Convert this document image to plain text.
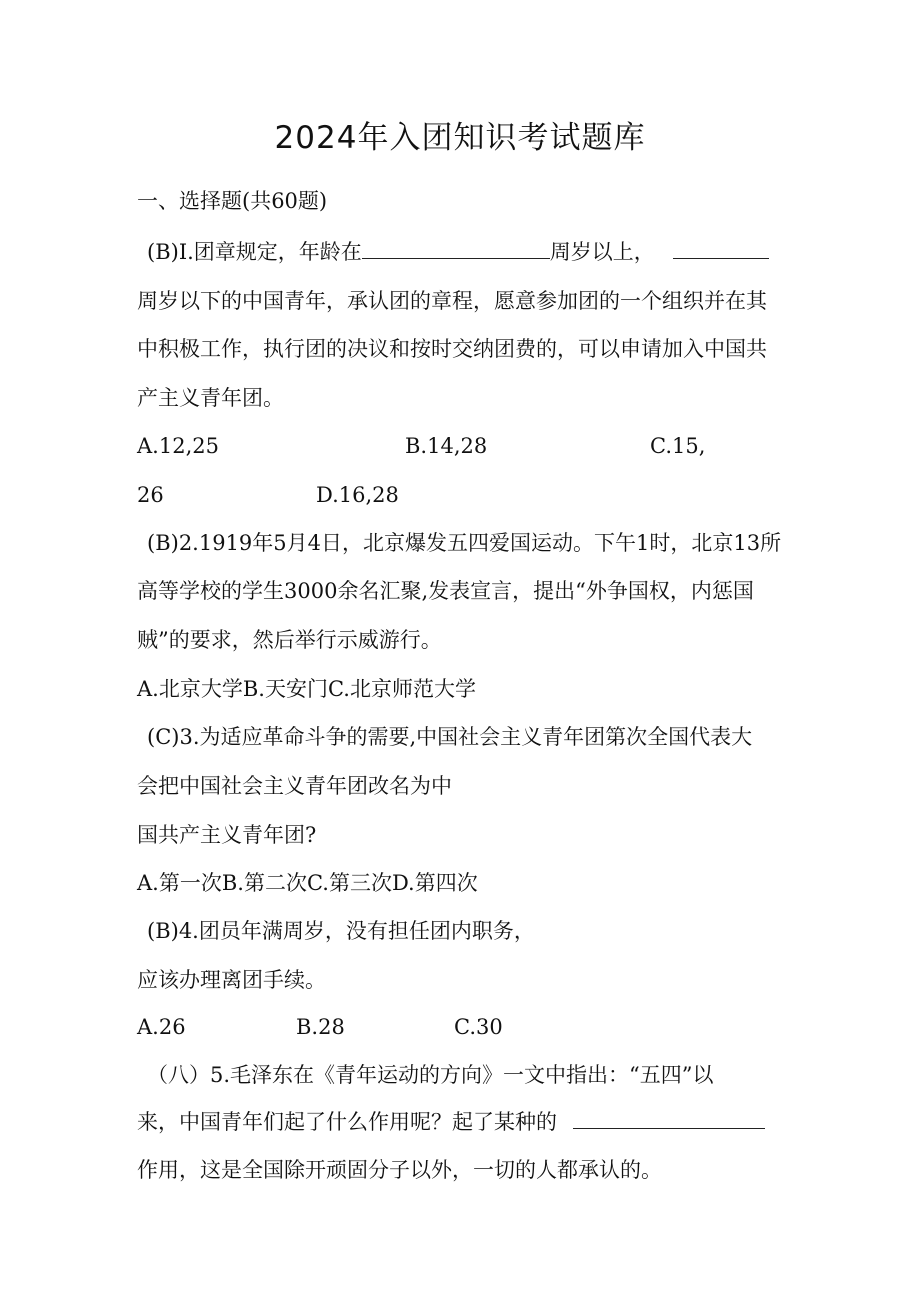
2024年入团知识考试题库
一、选择题(共60题)
(B)I.团章规定，年龄在	周岁以上，
周岁以下的中国青年，承认团的章程，愿意参加团的一个组织并在其
中积极工作，执行团的决议和按时交纳团费的，可以申请加入中国共
产主义青年团。
A.12,25	B.14,28	C.15,
26	D.16,28
(B)2.1919年5月4日，北京爆发五四爱国运动。下午1时，北京13所
高等学校的学生3000余名汇聚,发表宣言，提出“外争国权，内惩国
贼”的要求，然后举行示威游行。
A.北京大学B.天安门C.北京师范大学
(C)3.为适应革命斗争的需要,中国社会主义青年团第次全国代表大
会把中国社会主义青年团改名为中
国共产主义青年团?
A.第一次B.第二次C.第三次D.第四次
(B)4.团员年满周岁，没有担任团内职务，
应该办理离团手续。
A.26	B.28	C.30
（八）5.毛泽东在《青年运动的方向》一文中指出：“五四”以
来，中国青年们起了什么作用呢？起了某种的
作用，这是全国除开顽固分子以外，一切的人都承认的。
